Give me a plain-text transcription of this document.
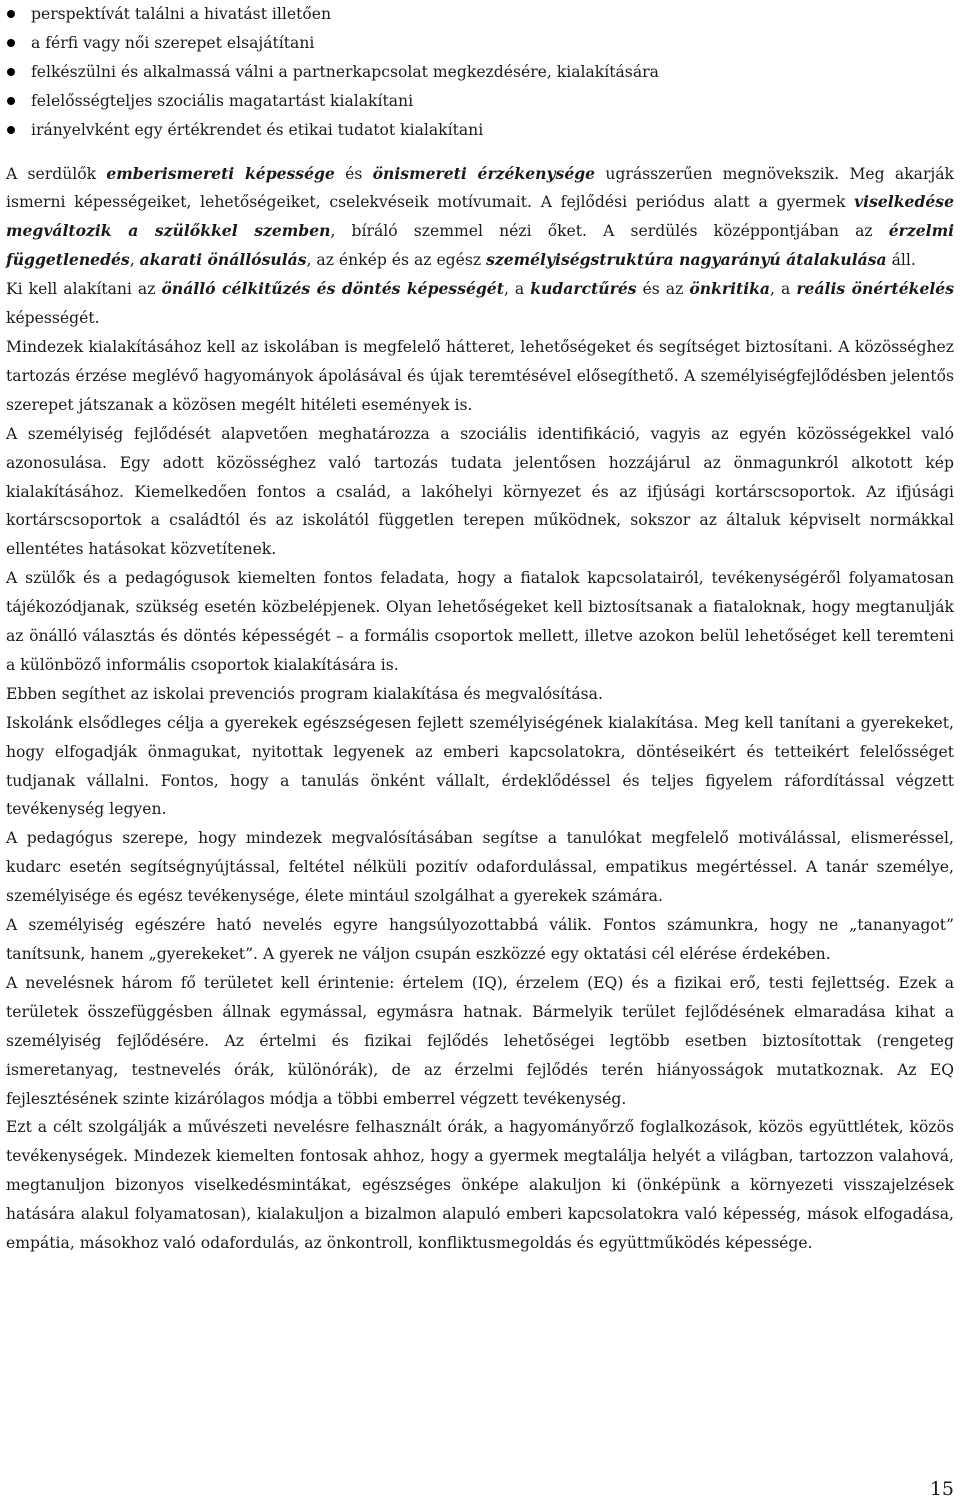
perspektívát találni a hivatást illetően
a férfi vagy női szerepet elsajátítani
felkészülni és alkalmassá válni a partnerkapcsolat megkezdésére, kialakítására
felelősségteljes szociális magatartást kialakítani
irányelvként egy értékrendet és etikai tudatot kialakítani

A serdülők emberismereti képessége és önismereti érzékenysége ugrásszerűen megnövekszik. Meg akarják ismerni képességeiket, lehetőségeiket, cselekvéseik motívumait. A fejlődési periódus alatt a gyermek viselkedése megváltozik a szülőkkel szemben, bíráló szemmel nézi őket. A serdülés középpontjában az érzelmi függetlenedés, akarati önállósulás, az énkép és az egész személyiségstruktúra nagyarányú átalakulása áll.

Ki kell alakítani az önálló célkitűzés és döntés képességét, a kudarctűrés és az önkritika, a reális önértékelés képességét.

Mindezek kialakításához kell az iskolában is megfelelő hátteret, lehetőségeket és segítséget biztosítani. A közösséghez tartozás érzése meglévő hagyományok ápolásával és újak teremtésével elősegíthető. A személyiségfejlődésben jelentős szerepet játszanak a közösen megélt hitéleti események is.

A személyiség fejlődését alapvetően meghatározza a szociális identifikáció, vagyis az egyén közösségekkel való azonosulása. Egy adott közösséghez való tartozás tudata jelentősen hozzájárul az önmagunkról alkotott kép kialakításához. Kiemelkedően fontos a család, a lakóhelyi környezet és az ifjúsági kortárscsoportok. Az ifjúsági kortárscsoportok a családtól és az iskolától független terepen működnek, sokszor az általuk képviselt normákkal ellentétes hatásokat közvetítenek.

A szülők és a pedagógusok kiemelten fontos feladata, hogy a fiatalok kapcsolatairól, tevékenységéről folyamatosan tájékozódjanak, szükség esetén közbelépjenek. Olyan lehetőségeket kell biztosítsanak a fiataloknak, hogy megtanulják az önálló választás és döntés képességét – a formális csoportok mellett, illetve azokon belül lehetőséget kell teremteni a különböző informális csoportok kialakítására is.

Ebben segíthet az iskolai prevenciós program kialakítása és megvalósítása.

Iskolánk elsődleges célja a gyerekek egészségesen fejlett személyiségének kialakítása. Meg kell tanítani a gyerekeket, hogy elfogadják önmagukat, nyitottak legyenek az emberi kapcsolatokra, döntéseikért és tetteikért felelősséget tudjanak vállalni. Fontos, hogy a tanulás önként vállalt, érdeklődéssel és teljes figyelem ráfordítással végzett tevékenység legyen.

A pedagógus szerepe, hogy mindezek megvalósításában segítse a tanulókat megfelelő motiválással, elismeréssel, kudarc esetén segítségnyújtással, feltétel nélküli pozitív odafordulással, empatikus megértéssel. A tanár személye, személyisége és egész tevékenysége, élete mintául szolgálhat a gyerekek számára.

A személyiség egészére ható nevelés egyre hangsúlyozottabbá válik. Fontos számunkra, hogy ne „tananyagot” tanítsunk, hanem „gyerekeket”. A gyerek ne váljon csupán eszközzé egy oktatási cél elérése érdekében.

A nevelésnek három fő területet kell érintenie: értelem (IQ), érzelem (EQ) és a fizikai erő, testi fejlettség. Ezek a területek összefüggésben állnak egymással, egymásra hatnak. Bármelyik terület fejlődésének elmaradása kihat a személyiség fejlődésére. Az értelmi és fizikai fejlődés lehetőségei legtöbb esetben biztosítottak (rengeteg ismeretanyag, testnevelés órák, különórák), de az érzelmi fejlődés terén hiányosságok mutatkoznak. Az EQ fejlesztésének szinte kizárólagos módja a többi emberrel végzett tevékenység.

Ezt a célt szolgálják a művészeti nevelésre felhasznált órák, a hagyományőrző foglalkozások, közös együttlétek, közös tevékenységek. Mindezek kiemelten fontosak ahhoz, hogy a gyermek megtalálja helyét a világban, tartozzon valahová, megtanuljon bizonyos viselkedésmintákat, egészséges önképe alakuljon ki (önképünk a környezeti visszajelzések hatására alakul folyamatosan), kialakuljon a bizalmon alapuló emberi kapcsolatokra való képesség, mások elfogadása, empátia, másokhoz való odafordulás, az önkontroll, konfliktusmegoldás és együttműködés képessége.

15
